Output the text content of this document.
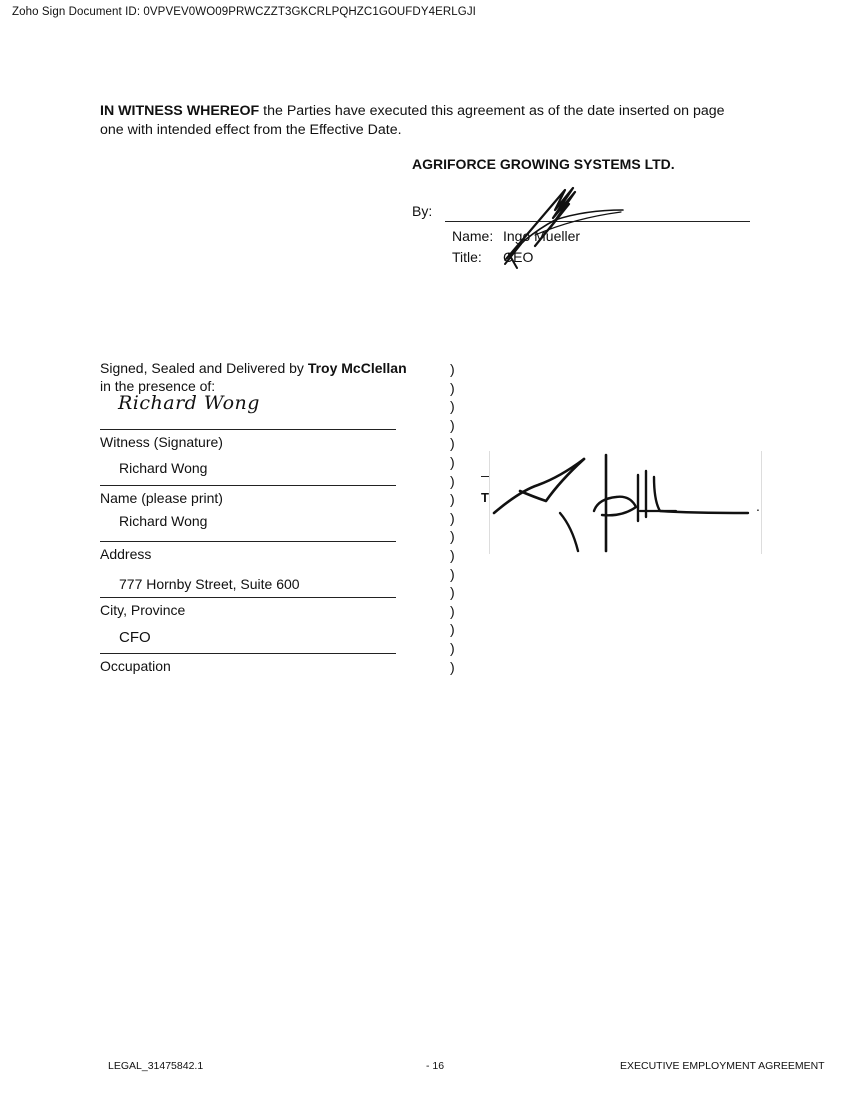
Zoho Sign Document ID: 0VPVEV0WO09PRWCZZT3GKCRLPQHZC1GOUFDY4ERLGJI
IN WITNESS WHEREOF the Parties have executed this agreement as of the date inserted on page one with intended effect from the Effective Date.
AGRIFORCE GROWING SYSTEMS LTD.
By:
Name: Ingo Mueller
Title: CEO
Signed, Sealed and Delivered by Troy McClellan
in the presence of:
Richard Wong
Witness (Signature)
Richard Wong
Name (please print)
Richard Wong
Address
777 Hornby Street, Suite 600
City, Province
CFO
Occupation
)
)
)
)
)
)
)
)
)
)
)
)
)
)
)
)
)
T
.
LEGAL_31475842.1	- 16	EXECUTIVE EMPLOYMENT AGREEMENT
